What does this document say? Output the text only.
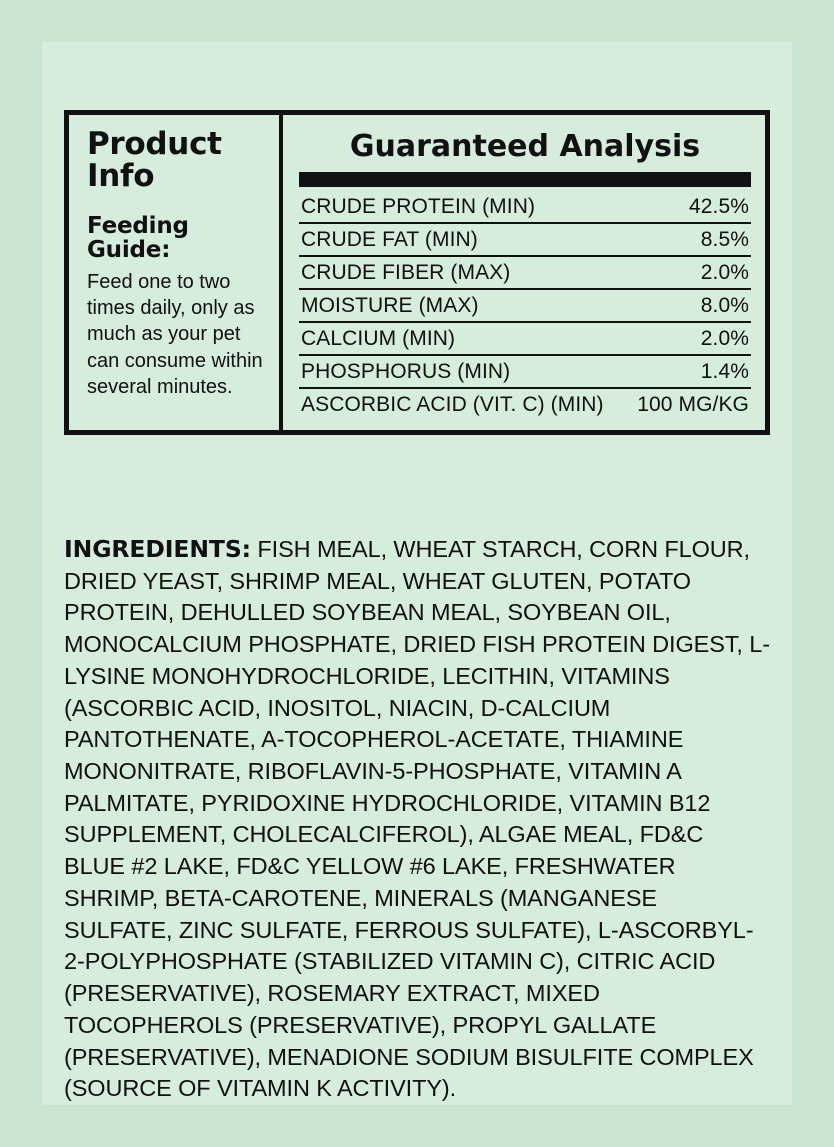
Product Info
Feeding Guide:
Feed one to two times daily, only as much as your pet can consume within several minutes.
Guaranteed Analysis
CRUDE PROTEIN (MIN)	42.5%
CRUDE FAT (MIN)	8.5%
CRUDE FIBER (MAX)	2.0%
MOISTURE (MAX)	8.0%
CALCIUM (MIN)	2.0%
PHOSPHORUS (MIN)	1.4%
ASCORBIC ACID (VIT. C) (MIN) 100 MG/KG
INGREDIENTS: FISH MEAL, WHEAT STARCH, CORN FLOUR, DRIED YEAST, SHRIMP MEAL, WHEAT GLUTEN, POTATO PROTEIN, DEHULLED SOYBEAN MEAL, SOYBEAN OIL, MONOCALCIUM PHOSPHATE, DRIED FISH PROTEIN DIGEST, L-LYSINE MONOHYDROCHLORIDE, LECITHIN, VITAMINS (ASCORBIC ACID, INOSITOL, NIACIN, D-CALCIUM PANTOTHENATE, A-TOCOPHEROL-ACETATE, THIAMINE MONONITRATE, RIBOFLAVIN-5-PHOSPHATE, VITAMIN A PALMITATE, PYRIDOXINE HYDROCHLORIDE, VITAMIN B12 SUPPLEMENT, CHOLECALCIFEROL), ALGAE MEAL, FD&C BLUE #2 LAKE, FD&C YELLOW #6 LAKE, FRESHWATER SHRIMP, BETA-CAROTENE, MINERALS (MANGANESE SULFATE, ZINC SULFATE, FERROUS SULFATE), L-ASCORBYL-2-POLYPHOSPHATE (STABILIZED VITAMIN C), CITRIC ACID (PRESERVATIVE), ROSEMARY EXTRACT, MIXED TOCOPHEROLS (PRESERVATIVE), PROPYL GALLATE (PRESERVATIVE), MENADIONE SODIUM BISULFITE COMPLEX (SOURCE OF VITAMIN K ACTIVITY).
